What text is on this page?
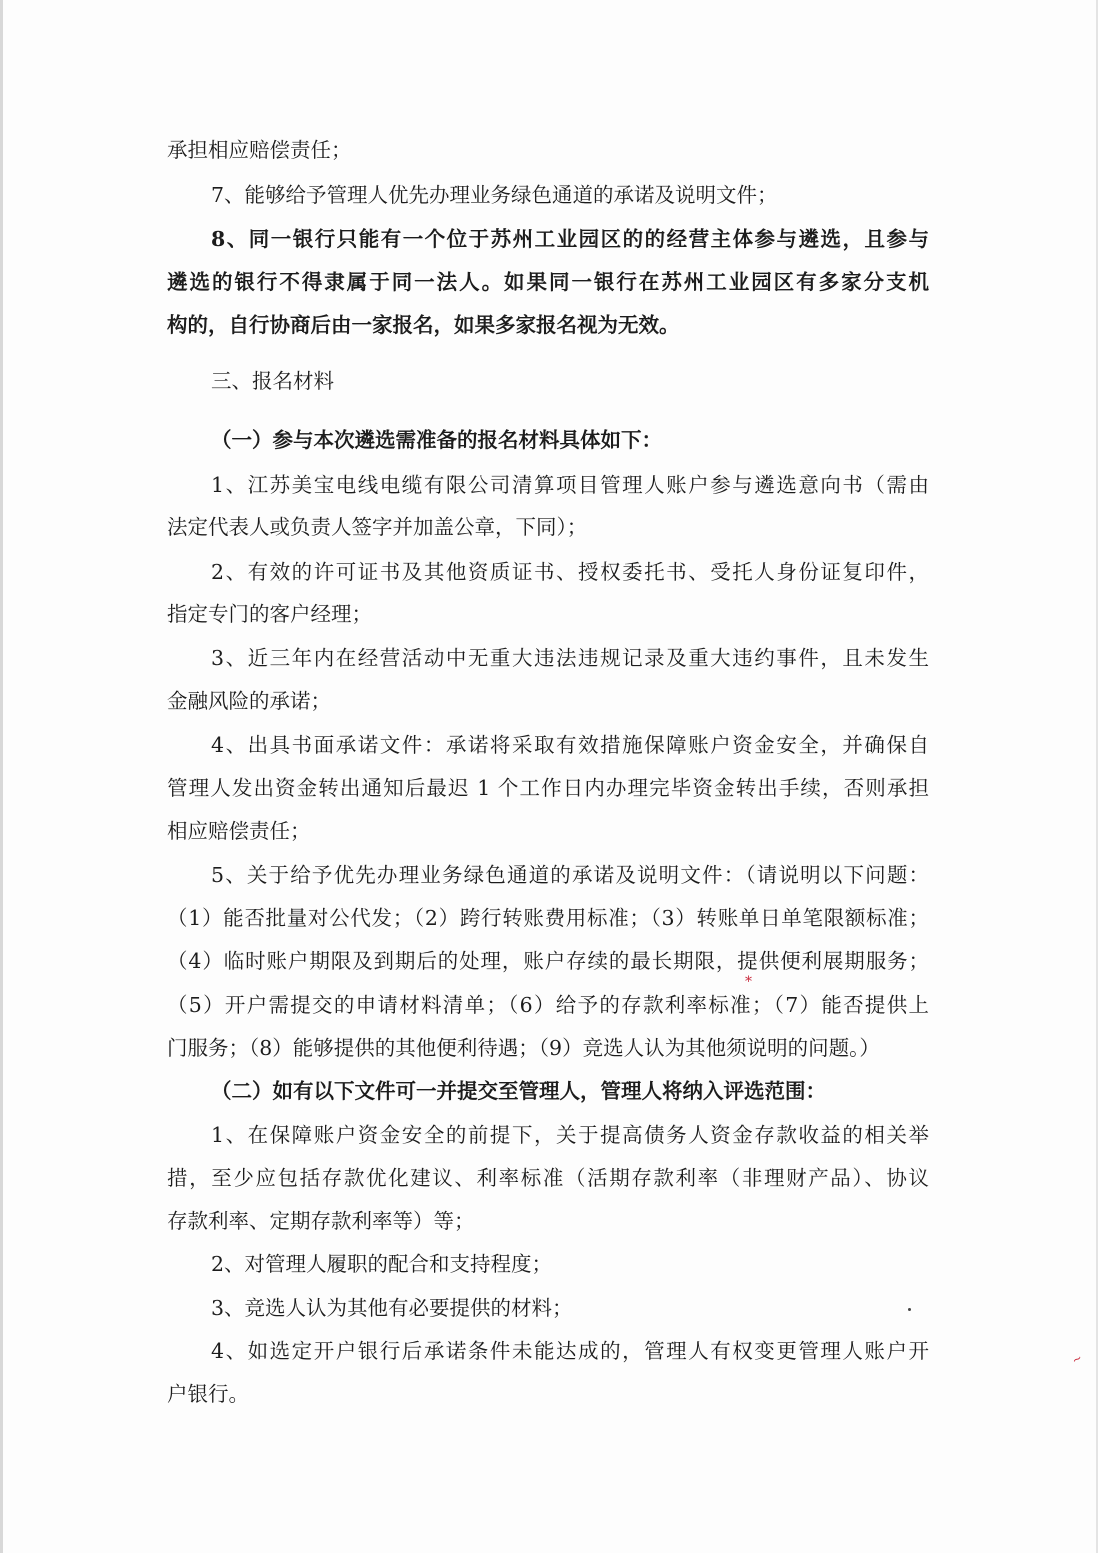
承担相应赔偿责任；
7、能够给予管理人优先办理业务绿色通道的承诺及说明文件；
8、同一银行只能有一个位于苏州工业园区的的经营主体参与遴选，且参与
遴选的银行不得隶属于同一法人。如果同一银行在苏州工业园区有多家分支机
构的，自行协商后由一家报名，如果多家报名视为无效。
三、报名材料
（一）参与本次遴选需准备的报名材料具体如下：
1、江苏美宝电线电缆有限公司清算项目管理人账户参与遴选意向书（需由
法定代表人或负责人签字并加盖公章，下同）；
2、有效的许可证书及其他资质证书、授权委托书、受托人身份证复印件，
指定专门的客户经理；
3、近三年内在经营活动中无重大违法违规记录及重大违约事件，且未发生
金融风险的承诺；
4、出具书面承诺文件：承诺将采取有效措施保障账户资金安全，并确保自
管理人发出资金转出通知后最迟 1 个工作日内办理完毕资金转出手续，否则承担
相应赔偿责任；
5、关于给予优先办理业务绿色通道的承诺及说明文件：（请说明以下问题：
（1）能否批量对公代发；（2）跨行转账费用标准；（3）转账单日单笔限额标准；
（4）临时账户期限及到期后的处理，账户存续的最长期限，提供便利展期服务；
（5）开户需提交的申请材料清单；（6）给予的存款利率标准；（7）能否提供上
门服务；（8）能够提供的其他便利待遇；（9）竞选人认为其他须说明的问题。）
（二）如有以下文件可一并提交至管理人，管理人将纳入评选范围：
1、在保障账户资金安全的前提下，关于提高债务人资金存款收益的相关举
措，至少应包括存款优化建议、利率标准（活期存款利率（非理财产品）、协议
存款利率、定期存款利率等）等；
2、对管理人履职的配合和支持程度；
3、竞选人认为其他有必要提供的材料；
4、如选定开户银行后承诺条件未能达成的，管理人有权变更管理人账户开
户银行。
*
~
